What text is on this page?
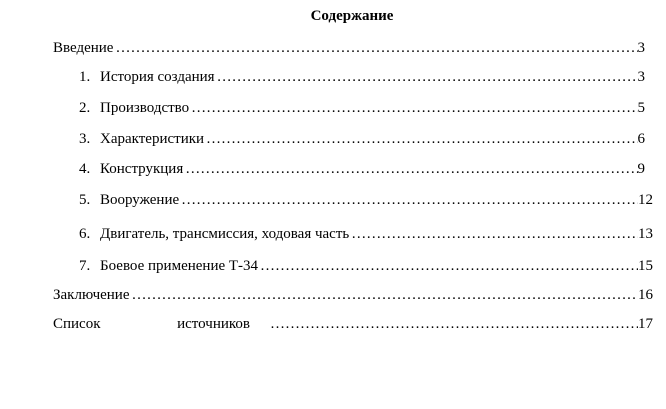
Содержание
Введение ……………………………………………………………………………………………………………………………………………………………………	3
1. История создания ……………………………………………………………………………………………………………………………………………………………………	3
2. Производство ……………………………………………………………………………………………………………………………………………………………………	5
3. Характеристики ……………………………………………………………………………………………………………………………………………………………………	6
4. Конструкция ……………………………………………………………………………………………………………………………………………………………………	9
5. Вооружение ……………………………………………………………………………………………………………………………………………………………………	12
6. Двигатель, трансмиссия, ходовая часть ……………………………………………………………………………………………………………………………………………………………………	13
7. Боевое применение Т-34 ……………………………………………………………………………………………………………………………………………………………………	15
Заключение ……………………………………………………………………………………………………………………………………………………………………	16
Список	источников ……………………………………………………………………………………………………………………………………………………………………	17
